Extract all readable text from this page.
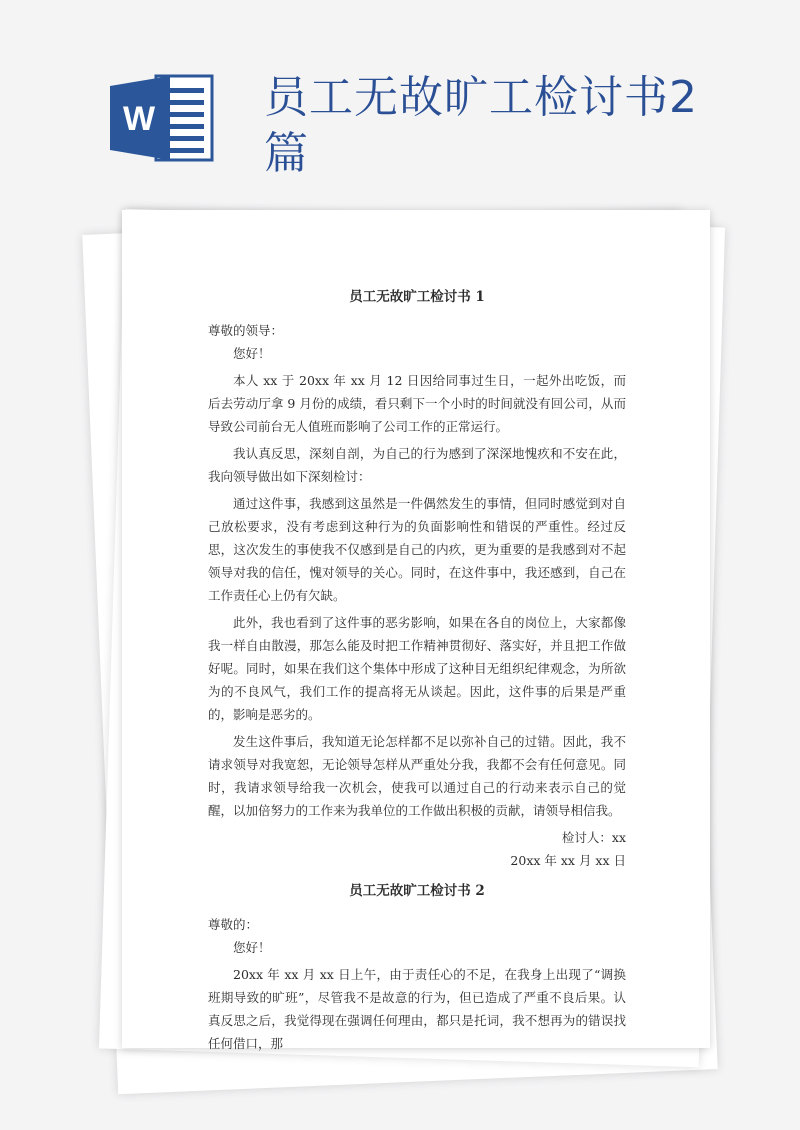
W 员工无故旷工检讨书2篇
员工无故旷工检讨书 1

尊敬的领导：

您好！

本人 xx 于 20xx 年 xx 月 12 日因给同事过生日，一起外出吃饭，而后去劳动厅拿 9 月份的成绩，看只剩下一个小时的时间就没有回公司，从而导致公司前台无人值班而影响了公司工作的正常运行。

我认真反思，深刻自剖，为自己的行为感到了深深地愧疚和不安在此，我向领导做出如下深刻检讨：

通过这件事，我感到这虽然是一件偶然发生的事情，但同时感觉到对自己放松要求，没有考虑到这种行为的负面影响性和错误的严重性。经过反思，这次发生的事使我不仅感到是自己的内疚，更为重要的是我感到对不起领导对我的信任，愧对领导的关心。同时，在这件事中，我还感到，自己在工作责任心上仍有欠缺。

此外，我也看到了这件事的恶劣影响，如果在各自的岗位上，大家都像我一样自由散漫，那怎么能及时把工作精神贯彻好、落实好，并且把工作做好呢。同时，如果在我们这个集体中形成了这种目无组织纪律观念，为所欲为的不良风气，我们工作的提高将无从谈起。因此，这件事的后果是严重的，影响是恶劣的。

发生这件事后，我知道无论怎样都不足以弥补自己的过错。因此，我不请求领导对我宽恕，无论领导怎样从严重处分我，我都不会有任何意见。同时，我请求领导给我一次机会，使我可以通过自己的行动来表示自己的觉醒，以加倍努力的工作来为我单位的工作做出积极的贡献，请领导相信我。

检讨人：xx

20xx 年 xx 月 xx 日

员工无故旷工检讨书 2

尊敬的：

您好！

20xx 年 xx 月 xx 日上午，由于责任心的不足，在我身上出现了“调换班期导致的旷班”，尽管我不是故意的行为，但已造成了严重不良后果。认真反思之后，我觉得现在强调任何理由，都只是托词，我不想再为的错误找任何借口，那
